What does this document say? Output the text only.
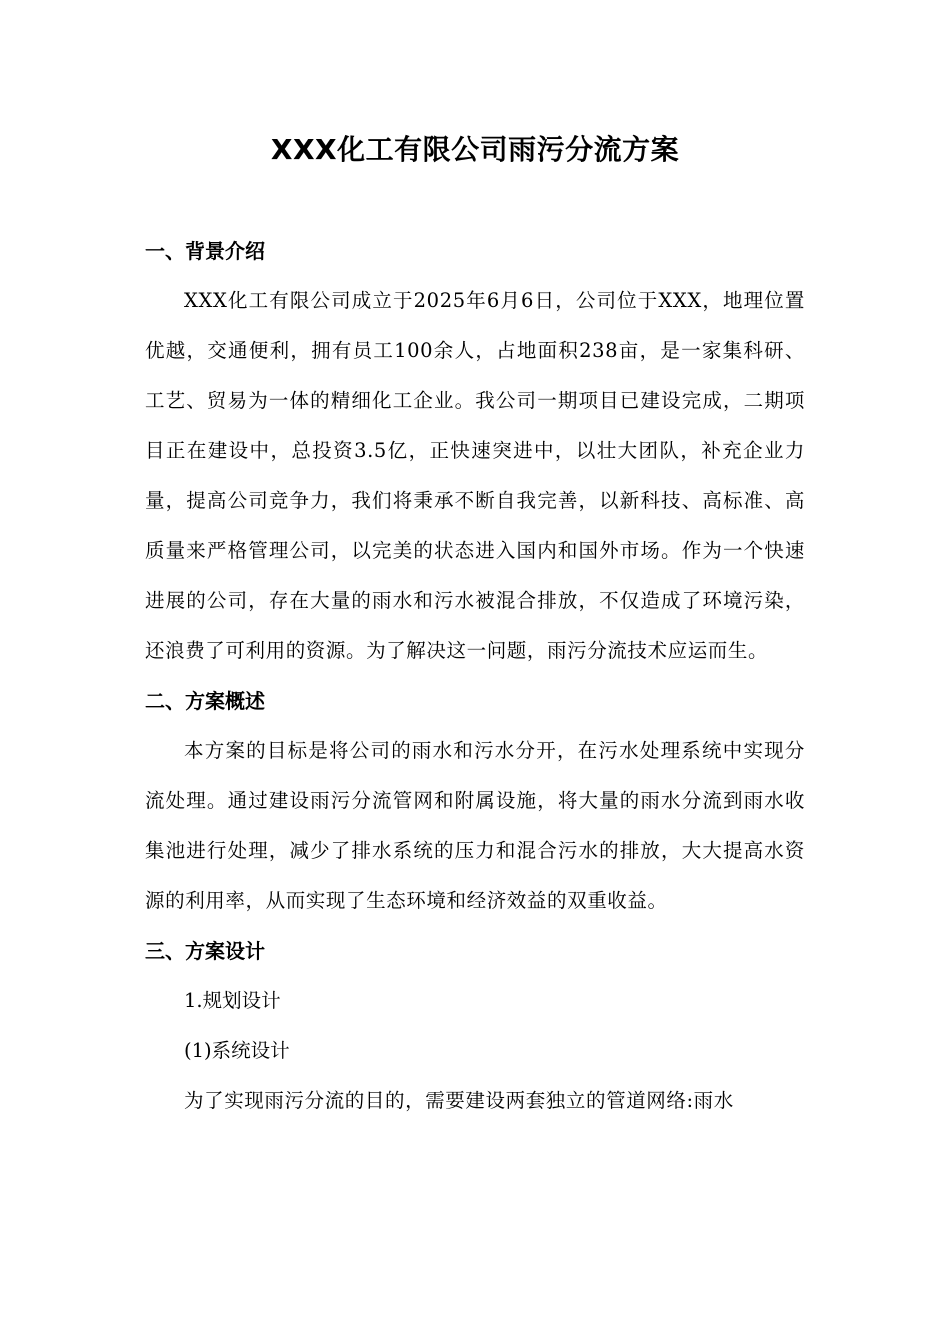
XXX化工有限公司雨污分流方案
一、背景介绍

XXX化工有限公司成立于2025年6月6日，公司位于XXX，地理位置优越，交通便利，拥有员工100余人，占地面积238亩，是一家集科研、工艺、贸易为一体的精细化工企业。我公司一期项目已建设完成，二期项目正在建设中，总投资3.5亿，正快速突进中，以壮大团队，补充企业力量，提高公司竞争力，我们将秉承不断自我完善，以新科技、高标准、高质量来严格管理公司，以完美的状态进入国内和国外市场。作为一个快速进展的公司，存在大量的雨水和污水被混合排放，不仅造成了环境污染，还浪费了可利用的资源。为了解决这一问题，雨污分流技术应运而生。

二、方案概述

本方案的目标是将公司的雨水和污水分开，在污水处理系统中实现分流处理。通过建设雨污分流管网和附属设施，将大量的雨水分流到雨水收集池进行处理，减少了排水系统的压力和混合污水的排放，大大提高水资源的利用率，从而实现了生态环境和经济效益的双重收益。

三、方案设计
1.规划设计
(1)系统设计

为了实现雨污分流的目的，需要建设两套独立的管道网络:雨水
